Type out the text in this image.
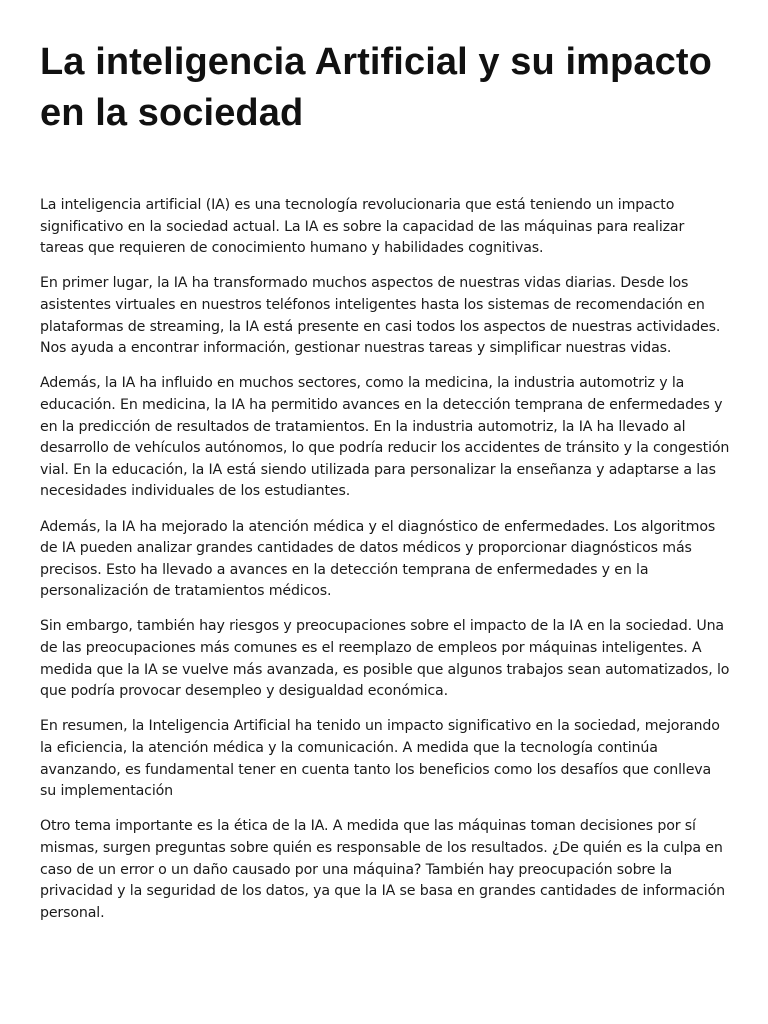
La inteligencia Artificial y su impacto en la sociedad

La inteligencia artificial (IA) es una tecnología revolucionaria que está teniendo un impacto significativo en la sociedad actual. La IA es sobre la capacidad de las máquinas para realizar tareas que requieren de conocimiento humano y habilidades cognitivas.

En primer lugar, la IA ha transformado muchos aspectos de nuestras vidas diarias. Desde los asistentes virtuales en nuestros teléfonos inteligentes hasta los sistemas de recomendación en plataformas de streaming, la IA está presente en casi todos los aspectos de nuestras actividades. Nos ayuda a encontrar información, gestionar nuestras tareas y simplificar nuestras vidas.

Además, la IA ha influido en muchos sectores, como la medicina, la industria automotriz y la educación. En medicina, la IA ha permitido avances en la detección temprana de enfermedades y en la predicción de resultados de tratamientos. En la industria automotriz, la IA ha llevado al desarrollo de vehículos autónomos, lo que podría reducir los accidentes de tránsito y la congestión vial. En la educación, la IA está siendo utilizada para personalizar la enseñanza y adaptarse a las necesidades individuales de los estudiantes.

Además, la IA ha mejorado la atención médica y el diagnóstico de enfermedades. Los algoritmos de IA pueden analizar grandes cantidades de datos médicos y proporcionar diagnósticos más precisos. Esto ha llevado a avances en la detección temprana de enfermedades y en la personalización de tratamientos médicos.

Sin embargo, también hay riesgos y preocupaciones sobre el impacto de la IA en la sociedad. Una de las preocupaciones más comunes es el reemplazo de empleos por máquinas inteligentes. A medida que la IA se vuelve más avanzada, es posible que algunos trabajos sean automatizados, lo que podría provocar desempleo y desigualdad económica.

En resumen, la Inteligencia Artificial ha tenido un impacto significativo en la sociedad, mejorando la eficiencia, la atención médica y la comunicación. A medida que la tecnología continúa avanzando, es fundamental tener en cuenta tanto los beneficios como los desafíos que conlleva su implementación

Otro tema importante es la ética de la IA. A medida que las máquinas toman decisiones por sí mismas, surgen preguntas sobre quién es responsable de los resultados. ¿De quién es la culpa en caso de un error o un daño causado por una máquina? También hay preocupación sobre la privacidad y la seguridad de los datos, ya que la IA se basa en grandes cantidades de información personal.
